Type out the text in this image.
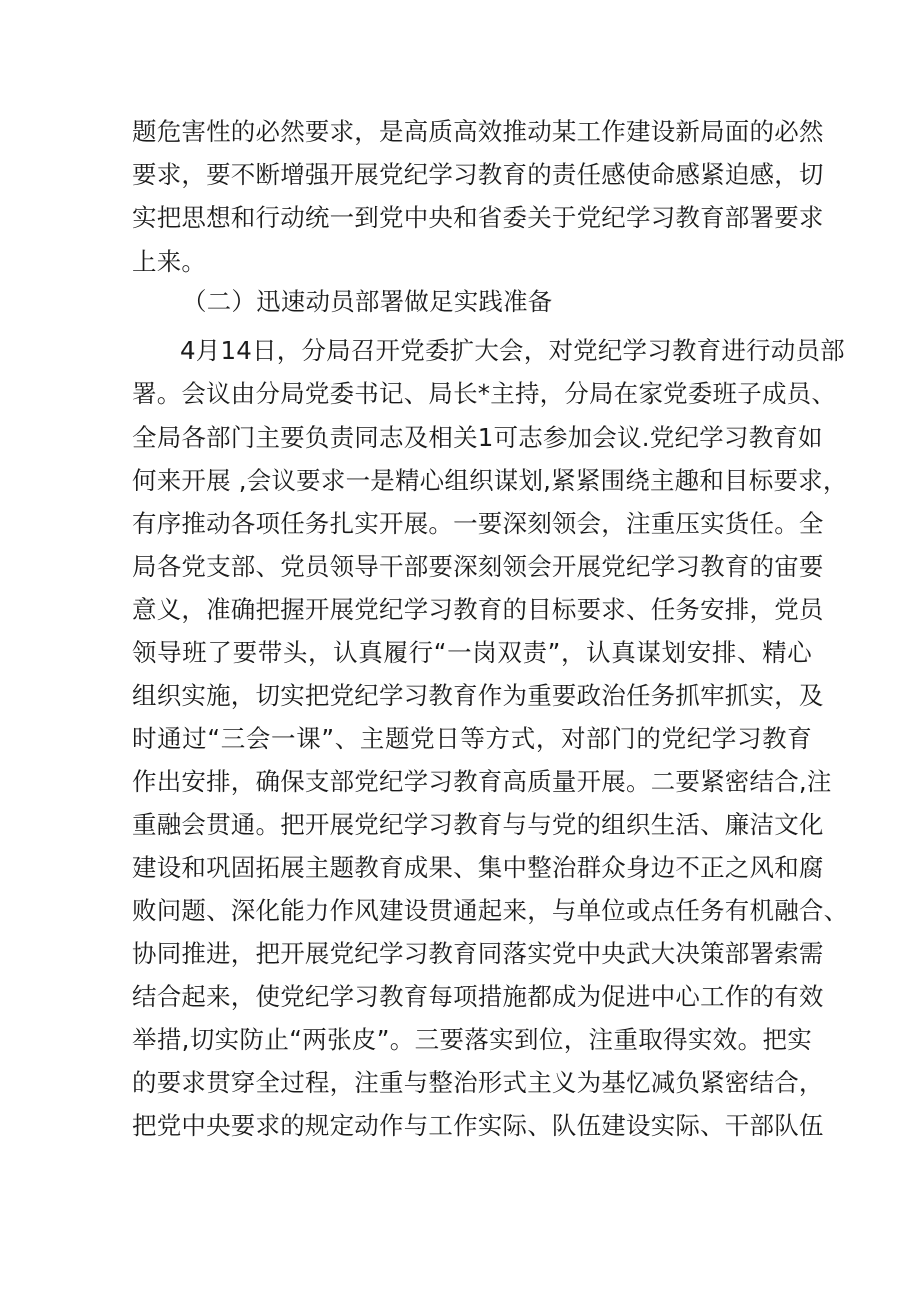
题危害性的必然要求，是高质高效推动某工作建设新局面的必然
要求，要不断增强开展党纪学习教育的责任感使命感紧迫感，切
实把思想和行动统一到党中央和省委关于党纪学习教育部署要求
上来。
（二）迅速动员部署做足实践准备
4月14日，分局召开党委扩大会，对党纪学习教育进行动员部
署。会议由分局党委书记、局长*主持，分局在家党委班子成员、
全局各部门主要负责同志及相关1可志参加会议.党纪学习教育如
何来开展 ,会议要求一是精心组织谋划,紧紧围绕主趣和目标要求，
有序推动各项任务扎实开展。一要深刻领会，注重压实货任。全
局各党支部、党员领导干部要深刻领会开展党纪学习教育的宙要
意义，准确把握开展党纪学习教育的目标要求、任务安排，党员
领导班了要带头，认真履行“一岗双责”，认真谋划安排、精心
组织实施，切实把党纪学习教育作为重要政治任务抓牢抓实，及
时通过“三会一课”、主题党日等方式，对部门的党纪学习教育
作出安排，确保支部党纪学习教育高质量开展。二要紧密结合,注
重融会贯通。把开展党纪学习教育与与党的组织生活、廉洁文化
建设和巩固拓展主题教育成果、集中整治群众身边不正之风和腐
败问题、深化能力作风建设贯通起来，与单位或点任务有机融合、
协同推进，把开展党纪学习教育同落实党中央武大决策部署索需
结合起来，使党纪学习教育每项措施都成为促进中心工作的有效
举措,切实防止“两张皮”。三要落实到位，注重取得实效。把实
的要求贯穿全过程，注重与整治形式主义为基忆减负紧密结合，
把党中央要求的规定动作与工作实际、队伍建设实际、干部队伍
